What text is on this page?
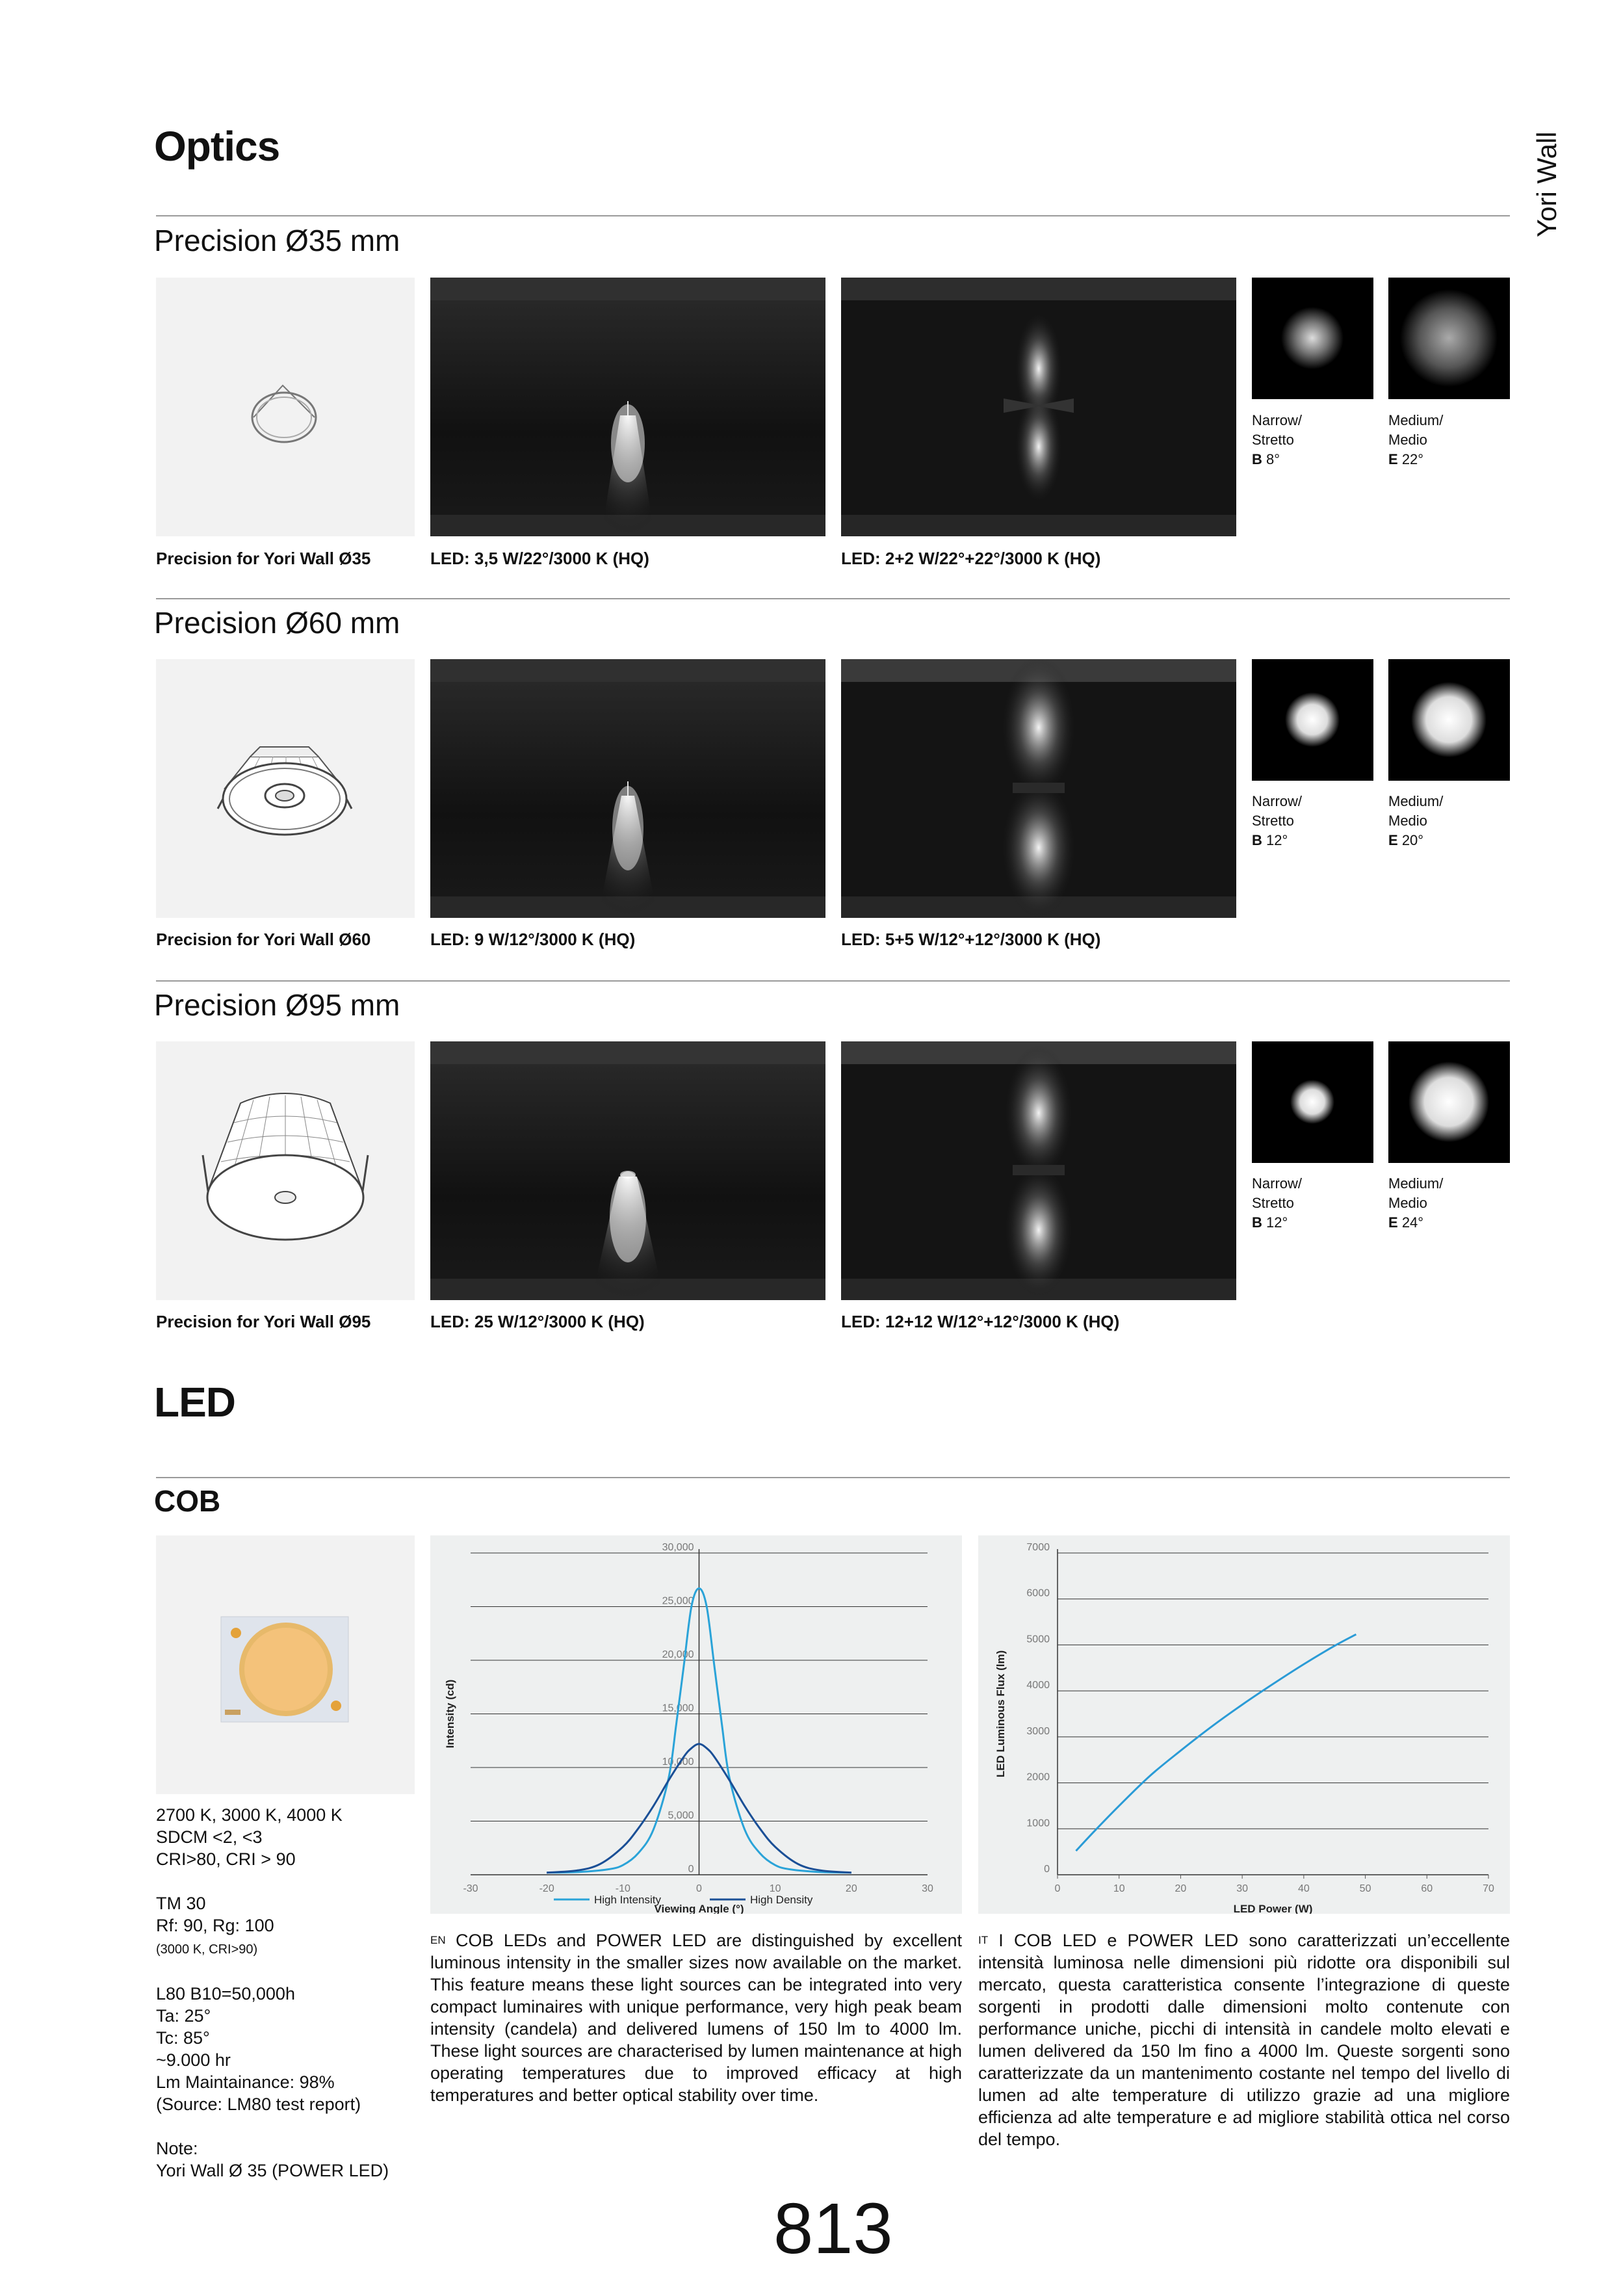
Optics	Yori Wall
Precision Ø35 mm
Narrow/
Stretto
B 8°
Medium/
Medio
E 22°
Precision for Yori Wall Ø35	LED: 3,5 W/22°/3000 K (HQ)	LED: 2+2 W/22°+22°/3000 K (HQ)
Precision Ø60 mm
Narrow/
Stretto
B 12°
Medium/
Medio
E 20°
Precision for Yori Wall Ø60	LED: 9 W/12°/3000 K (HQ)	LED: 5+5 W/12°+12°/3000 K (HQ)
Precision Ø95 mm
Narrow/
Stretto
B 12°
Medium/
Medio
E 24°
Precision for Yori Wall Ø95	LED: 25 W/12°/3000 K (HQ)	LED: 12+12 W/12°+12°/3000 K (HQ)
LED
COB
2700 K, 3000 K, 4000 K
SDCM <2, <3
CRI>80, CRI > 90
TM 30
Rf: 90, Rg: 100
(3000 K, CRI>90)
L80 B10=50,000h
Ta: 25°
Tc: 85°
~9.000 hr
Lm Maintainance: 98%
(Source: LM80 test report)
Note:
Yori Wall Ø 35 (POWER LED)
0
5,000
10,000
15,000
20,000
25,000
30,000
-30	-20	-10	0	10	20	30
Viewing Angle (°)
Intensity (cd)
High Intensity	High Density
0
1000
2000
3000
4000
5000
6000
7000
0	10	20	30	40	50	60	70
LED Power (W)
LED Luminous Flux (lm)
$^{EN}$ COB LEDs and POWER LED are distinguished by excellent luminous intensity in the smaller sizes now available on the market. This feature means these light sources can be integrated into very compact luminaires with unique performance, very high peak beam intensity (candela) and delivered lumens of 150 lm to 4000 lm. These light sources are characterised by lumen maintenance at high operating temperatures due to improved efficacy at high temperatures and better optical stability over time.
$^{IT}$ I COB LED e POWER LED sono caratterizzati un’eccellente intensità luminosa nelle dimensioni più ridotte ora disponibili sul mercato, questa caratteristica consente l’integrazione di queste sorgenti in prodotti dalle dimensioni molto contenute con performance uniche, picchi di intensità in candele molto elevati e lumen delivered da 150 lm fino a 4000 lm. Queste sorgenti sono caratterizzate da un mantenimento costante nel tempo del livello di lumen ad alte temperature di utilizzo grazie ad una migliore efficienza ad alte temperature e ad migliore stabilità ottica nel corso del tempo.
813
